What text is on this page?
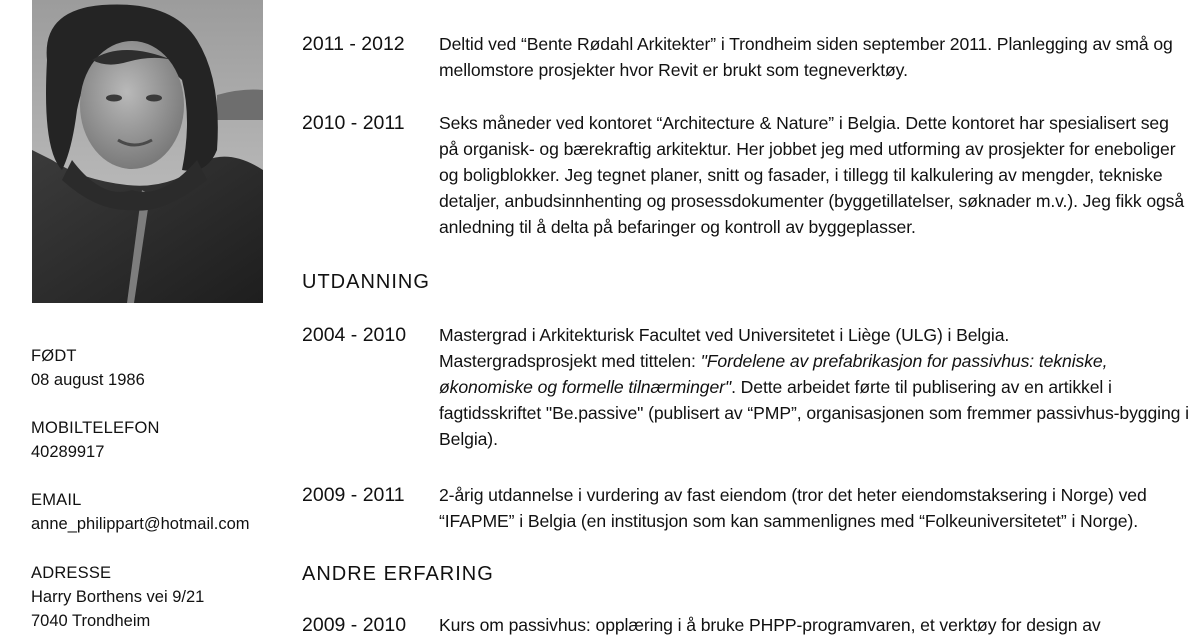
FØDT
08 august 1986
MOBILTELEFON
40289917
EMAIL
anne_philippart@hotmail.com
ADRESSE
Harry Borthens vei 9/21
7040 Trondheim
2011 - 2012 Deltid ved “Bente Rødahl Arkitekter” i Trondheim siden september 2011. Planlegging av små og mellomstore prosjekter hvor Revit er brukt som tegneverktøy.
2010 - 2011 Seks måneder ved kontoret “Architecture & Nature” i Belgia. Dette kontoret har spesialisert seg på organisk- og bærekraftig arkitektur. Her jobbet jeg med utforming av prosjekter for eneboliger og boligblokker. Jeg tegnet planer, snitt og fasader, i tillegg til kalkulering av mengder, tekniske detaljer, anbudsinnhenting og prosessdokumenter (byggetillatelser, søknader m.v.). Jeg fikk også anledning til å delta på befaringer og kontroll av byggeplasser.
UTDANNING
2004 - 2010 Mastergrad i Arkitekturisk Facultet ved Universitetet i Liège (ULG) i Belgia.

Mastergradsprosjekt med tittelen: "Fordelene av prefabrikasjon for passivhus: tekniske, økonomiske og formelle tilnærminger". Dette arbeidet førte til publisering av en artikkel i fagtidsskriftet "Be.passive" (publisert av “PMP”, organisasjonen som fremmer passivhus-bygging i Belgia).

2009 - 2011 2-årig utdannelse i vurdering av fast eiendom (tror det heter eiendomstaksering i Norge) ved “IFAPME” i Belgia (en institusjon som kan sammenlignes med “Folkeuniversitetet” i Norge).
ANDRE ERFARING
2009 - 2010 Kurs om passivhus: opplæring i å bruke PHPP-programvaren, et verktøy for design av
